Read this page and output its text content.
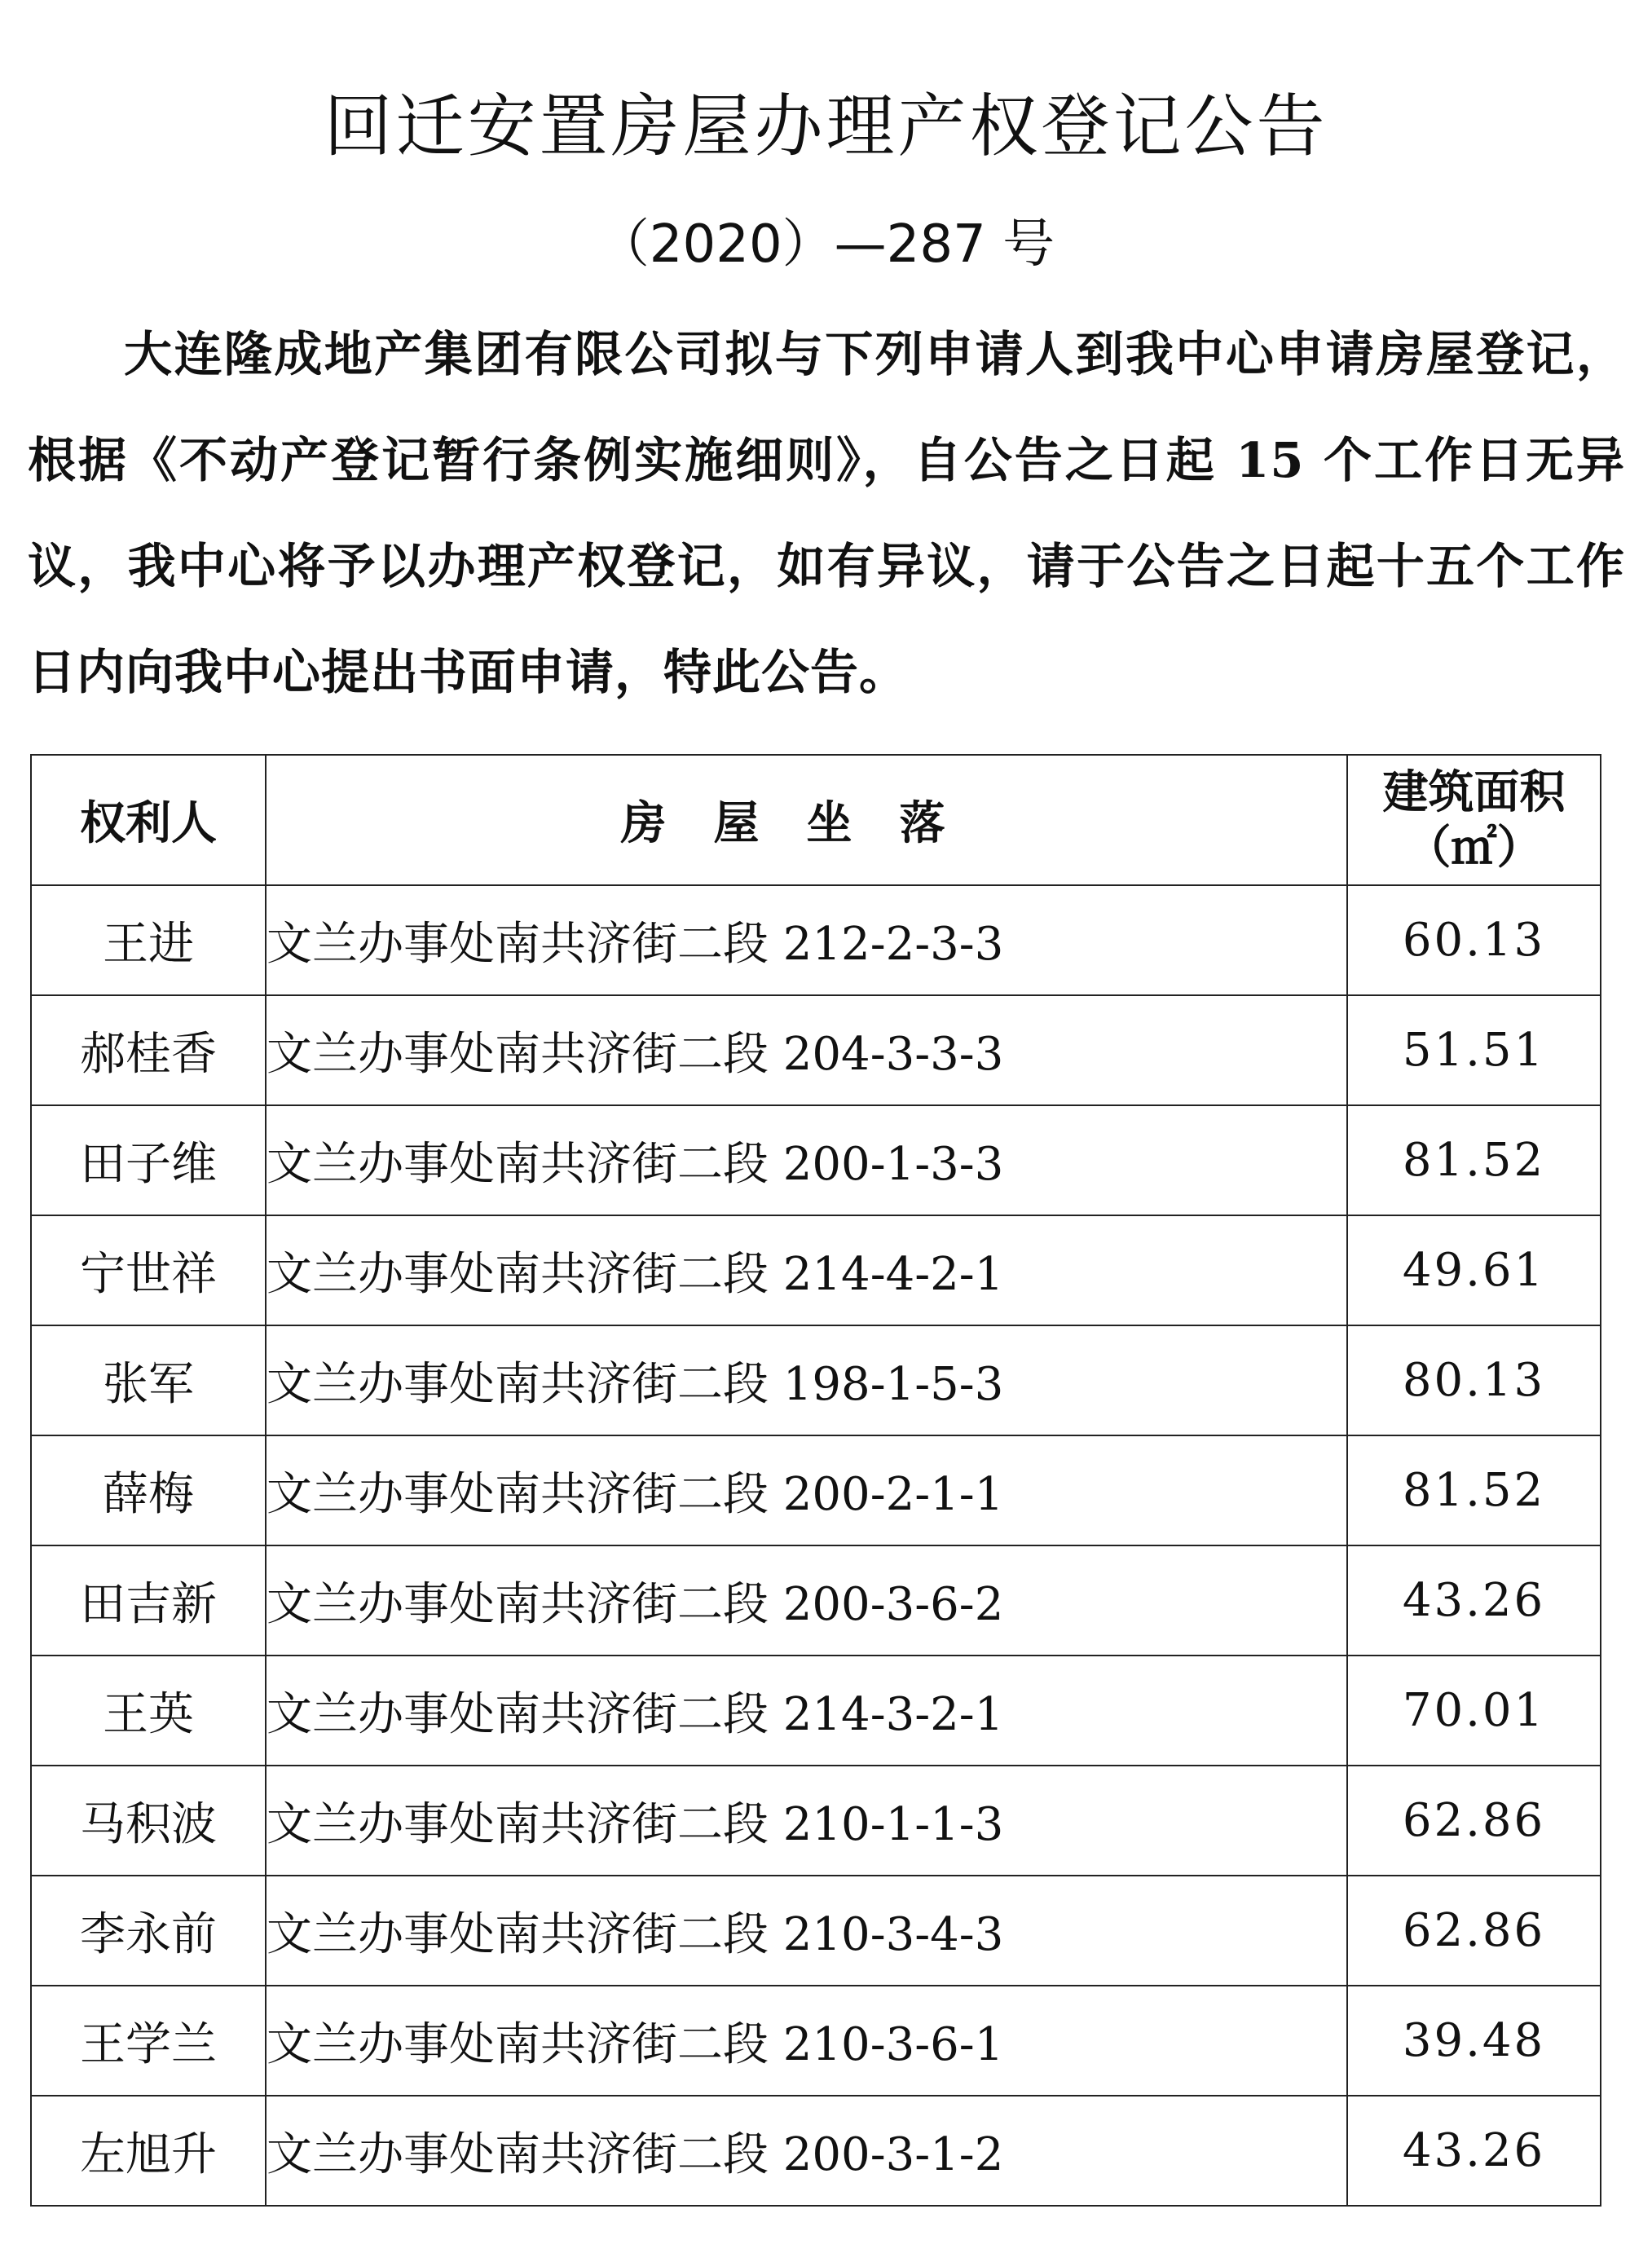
回迁安置房屋办理产权登记公告
（2020）—287 号
大连隆成地产集团有限公司拟与下列申请人到我中心申请房屋登记，根据《不动产登记暂行条例实施细则》，自公告之日起 15 个工作日无异议，我中心将予以办理产权登记，如有异议，请于公告之日起十五个工作日内向我中心提出书面申请，特此公告。
权利人	房屋坐落	建筑面积
（㎡）

王进	文兰办事处南共济街二段 212-2-3-3	60.13
郝桂香	文兰办事处南共济街二段 204-3-3-3	51.51
田子维	文兰办事处南共济街二段 200-1-3-3	81.52
宁世祥	文兰办事处南共济街二段 214-4-2-1	49.61
张军	文兰办事处南共济街二段 198-1-5-3	80.13
薛梅	文兰办事处南共济街二段 200-2-1-1	81.52
田吉新	文兰办事处南共济街二段 200-3-6-2	43.26
王英	文兰办事处南共济街二段 214-3-2-1	70.01
马积波	文兰办事处南共济街二段 210-1-1-3	62.86
李永前	文兰办事处南共济街二段 210-3-4-3	62.86
王学兰	文兰办事处南共济街二段 210-3-6-1	39.48
左旭升	文兰办事处南共济街二段 200-3-1-2	43.26
